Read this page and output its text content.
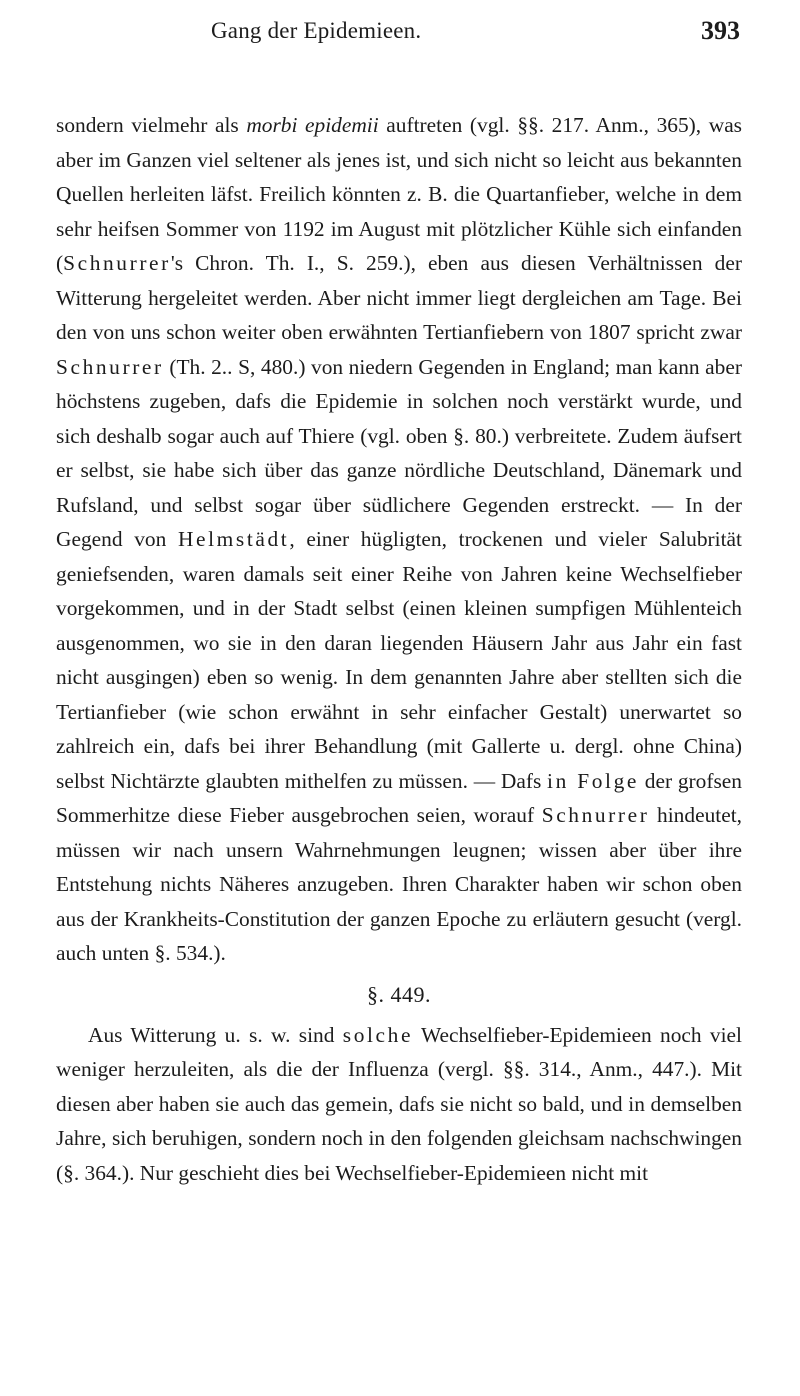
Gang der Epidemieen.	393

sondern vielmehr als morbi epidemii auftreten (vgl. §§. 217. Anm., 365), was aber im Ganzen viel seltener als jenes ist, und sich nicht so leicht aus bekannten Quellen herleiten läfst. Freilich könnten z. B. die Quartanfieber, welche in dem sehr heifsen Sommer von 1192 im August mit plötzlicher Kühle sich einfanden (Schnurrer's Chron. Th. I., S. 259.), eben aus diesen Verhältnissen der Witterung hergeleitet werden. Aber nicht immer liegt dergleichen am Tage. Bei den von uns schon weiter oben erwähnten Tertianfiebern von 1807 spricht zwar Schnurrer (Th. 2.. S, 480.) von niedern Gegenden in England; man kann aber höchstens zugeben, dafs die Epidemie in solchen noch verstärkt wurde, und sich deshalb sogar auch auf Thiere (vgl. oben §. 80.) verbreitete. Zudem äufsert er selbst, sie habe sich über das ganze nördliche Deutschland, Dänemark und Rufsland, und selbst sogar über südlichere Gegenden erstreckt. — In der Gegend von Helmstädt, einer hügligten, trockenen und vieler Salubrität geniefsenden, waren damals seit einer Reihe von Jahren keine Wechselfieber vorgekommen, und in der Stadt selbst (einen kleinen sumpfigen Mühlenteich ausgenommen, wo sie in den daran liegenden Häusern Jahr aus Jahr ein fast nicht ausgingen) eben so wenig. In dem genannten Jahre aber stellten sich die Tertianfieber (wie schon erwähnt in sehr einfacher Gestalt) unerwartet so zahlreich ein, dafs bei ihrer Behandlung (mit Gallerte u. dergl. ohne China) selbst Nichtärzte glaubten mithelfen zu müssen. — Dafs in Folge der grofsen Sommerhitze diese Fieber ausgebrochen seien, worauf Schnurrer hindeutet, müssen wir nach unsern Wahrnehmungen leugnen; wissen aber über ihre Entstehung nichts Näheres anzugeben. Ihren Charakter haben wir schon oben aus der Krankheits-Constitution der ganzen Epoche zu erläutern gesucht (vergl. auch unten §. 534.).

§. 449.

Aus Witterung u. s. w. sind solche Wechselfieber-Epidemieen noch viel weniger herzuleiten, als die der Influenza (vergl. §§. 314., Anm., 447.). Mit diesen aber haben sie auch das gemein, dafs sie nicht so bald, und in demselben Jahre, sich beruhigen, sondern noch in den folgenden gleichsam nachschwingen (§. 364.). Nur geschieht dies bei Wechselfieber-Epidemieen nicht mit
